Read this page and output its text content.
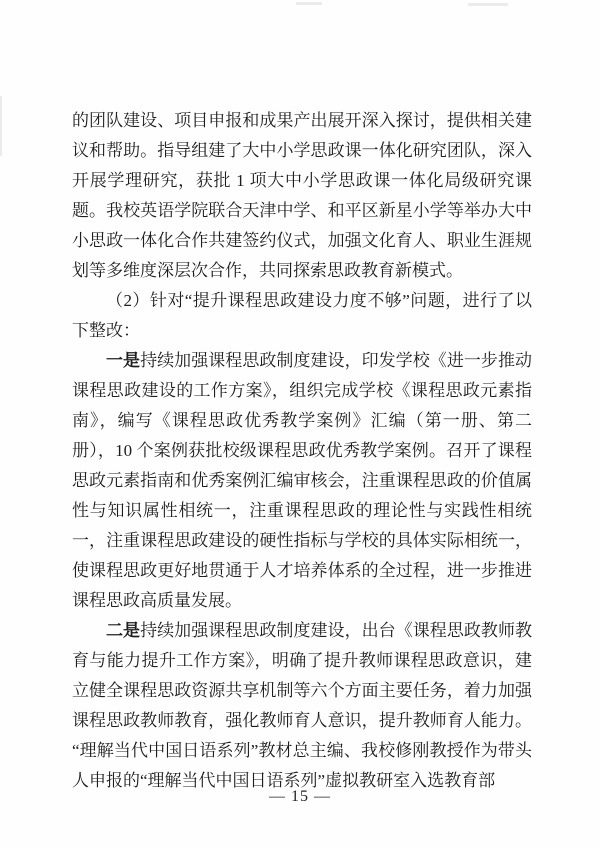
的团队建设、项目申报和成果产出展开深入探讨，提供相关建议和帮助。指导组建了大中小学思政课一体化研究团队，深入开展学理研究，获批 1 项大中小学思政课一体化局级研究课题。我校英语学院联合天津中学、和平区新星小学等举办大中小思政一体化合作共建签约仪式，加强文化育人、职业生涯规划等多维度深层次合作，共同探索思政教育新模式。

（2）针对“提升课程思政建设力度不够”问题，进行了以下整改：

一是持续加强课程思政制度建设，印发学校《进一步推动课程思政建设的工作方案》，组织完成学校《课程思政元素指南》，编写《课程思政优秀教学案例》汇编（第一册、第二册），10 个案例获批校级课程思政优秀教学案例。召开了课程思政元素指南和优秀案例汇编审核会，注重课程思政的价值属性与知识属性相统一，注重课程思政的理论性与实践性相统一，注重课程思政建设的硬性指标与学校的具体实际相统一，使课程思政更好地贯通于人才培养体系的全过程，进一步推进课程思政高质量发展。

二是持续加强课程思政制度建设，出台《课程思政教师教育与能力提升工作方案》，明确了提升教师课程思政意识，建立健全课程思政资源共享机制等六个方面主要任务，着力加强课程思政教师教育，强化教师育人意识，提升教师育人能力。“理解当代中国日语系列”教材总主编、我校修刚教授作为带头人申报的“理解当代中国日语系列”虚拟教研室入选教育部

— 15 —
